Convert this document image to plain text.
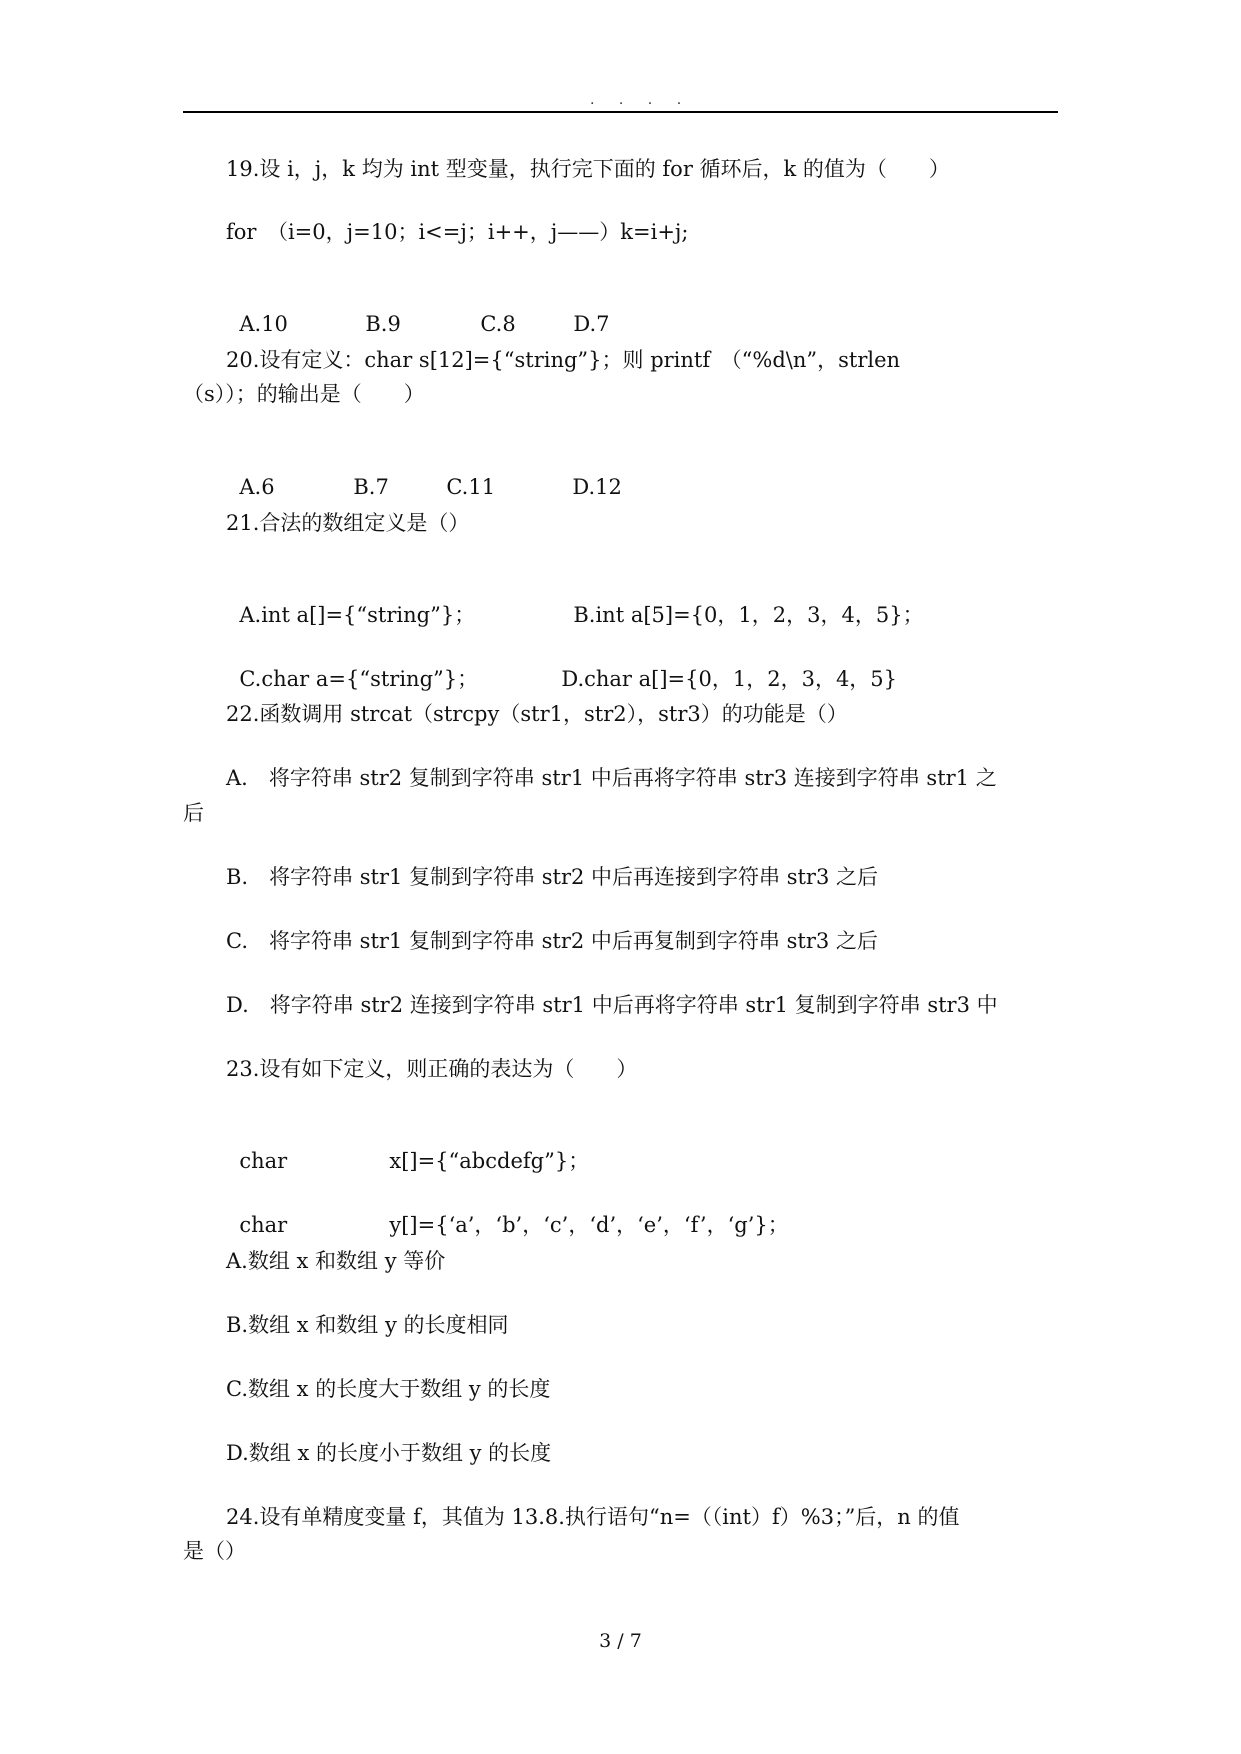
. . . .
19.设 i，j，k 均为 int 型变量，执行完下面的 for 循环后，k 的值为（　　）
for　（i=0，j=10；i<=j；i++，j——）k=i+j;

A.10	B.9	C.8	D.7

20.设有定义：char s[12]={“string”}；则 printf　（“%d\n”，strlen
（s））；的输出是（　　）

A.6	B.7	C.11	D.12

21.合法的数组定义是（）

A.int a[]={“string”}；	B.int a[5]={0，1，2，3，4，5}；

C.char a={“string”}；	D.char a[]={0，1，2，3，4，5}

22.函数调用 strcat（strcpy（str1，str2），str3）的功能是（）
A.　将字符串 str2 复制到字符串 str1 中后再将字符串 str3 连接到字符串 str1 之
后
B.　将字符串 str1 复制到字符串 str2 中后再连接到字符串 str3 之后
C.　将字符串 str1 复制到字符串 str2 中后再复制到字符串 str3 之后
D.　将字符串 str2 连接到字符串 str1 中后再将字符串 str1 复制到字符串 str3 中
23.设有如下定义，则正确的表达为（　　）

char	x[]={“abcdefg”}；

char	y[]={‘a’，‘b’，‘c’，‘d’，‘e’，‘f’，‘g’}；

A.数组 x 和数组 y 等价
B.数组 x 和数组 y 的长度相同
C.数组 x 的长度大于数组 y 的长度
D.数组 x 的长度小于数组 y 的长度
24.设有单精度变量 f，其值为 13.8.执行语句“n=（（int）f）%3；”后，n 的值
是（）
3 / 7
